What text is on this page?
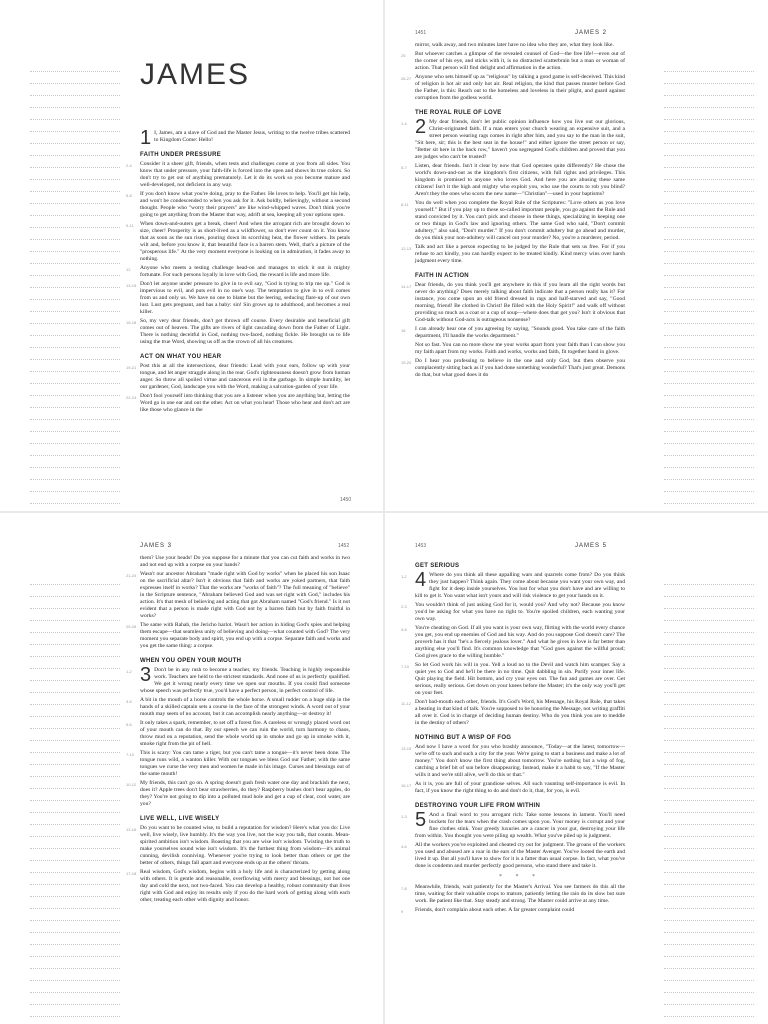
JAMES

1 I, James, am a slave of God and the Master Jesus, writing to the twelve tribes scattered to Kingdom Come: Hello!

FAITH UNDER PRESSURE

2-4 Consider it a sheer gift, friends, when tests and challenges come at you from all sides. You know that under pressure, your faith-life is forced into the open and shows its true colors. So don't try to get out of anything prematurely. Let it do its work so you become mature and well-developed, not deficient in any way.

5-8 If you don't know what you're doing, pray to the Father. He loves to help. You'll get his help, and won't be condescended to when you ask for it. Ask boldly, believingly, without a second thought. People who "worry their prayers" are like wind-whipped waves. Don't think you're going to get anything from the Master that way, adrift at sea, keeping all your options open.

9-11 When down-and-outers get a break, cheer! And when the arrogant rich are brought down to size, cheer! Prosperity is as short-lived as a wildflower, so don't ever count on it. You know that as soon as the sun rises, pouring down its scorching heat, the flower withers. Its petals wilt and, before you know it, that beautiful face is a barren stem. Well, that's a picture of the "prosperous life." At the very moment everyone is looking on in admiration, it fades away to nothing.

12 Anyone who meets a testing challenge head-on and manages to stick it out is mighty fortunate. For such persons loyally in love with God, the reward is life and more life.

13-15 Don't let anyone under pressure to give in to evil say, "God is trying to trip me up." God is impervious to evil, and puts evil in no one's way. The temptation to give in to evil comes from us and only us. We have no one to blame but the leering, seducing flare-up of our own lust. Lust gets pregnant, and has a baby: sin! Sin grows up to adulthood, and becomes a real killer.

16-18 So, my very dear friends, don't get thrown off course. Every desirable and beneficial gift comes out of heaven. The gifts are rivers of light cascading down from the Father of Light. There is nothing deceitful in God, nothing two-faced, nothing fickle. He brought us to life using the true Word, showing us off as the crown of all his creatures.

ACT ON WHAT YOU HEAR

19-21 Post this at all the intersections, dear friends: Lead with your ears, follow up with your tongue, and let anger straggle along in the rear. God's righteousness doesn't grow from human anger. So throw all spoiled virtue and cancerous evil in the garbage. In simple humility, let our gardener, God, landscape you with the Word, making a salvation-garden of your life.

22-24 Don't fool yourself into thinking that you are a listener when you are anything but, letting the Word go in one ear and out the other. Act on what you hear! Those who hear and don't act are like those who glance in the

1450
1451	JAMES 2

mirror, walk away, and two minutes later have no idea who they are, what they look like.

25 But whoever catches a glimpse of the revealed counsel of God—the free life!—even out of the corner of his eye, and sticks with it, is no distracted scatterbrain but a man or woman of action. That person will find delight and affirmation in the action.

26-27 Anyone who sets himself up as "religious" by talking a good game is self-deceived. This kind of religion is hot air and only hot air. Real religion, the kind that passes muster before God the Father, is this: Reach out to the homeless and loveless in their plight, and guard against corruption from the godless world.

THE ROYAL RULE OF LOVE

1-4 2 My dear friends, don't let public opinion influence how you live out our glorious, Christ-originated faith. If a man enters your church wearing an expensive suit, and a street person wearing rags comes in right after him, and you say to the man in the suit, "Sit here, sir; this is the best seat in the house!" and either ignore the street person or say, "Better sit here in the back row," haven't you segregated God's children and proved that you are judges who can't be trusted?

5-7 Listen, dear friends. Isn't it clear by now that God operates quite differently? He chose the world's down-and-out as the kingdom's first citizens, with full rights and privileges. This kingdom is promised to anyone who loves God. And here you are abusing these same citizens! Isn't it the high and mighty who exploit you, who use the courts to rob you blind? Aren't they the ones who scorn the new name—"Christian"—used in your baptisms?

8-11 You do well when you complete the Royal Rule of the Scriptures: "Love others as you love yourself." But if you play up to these so-called important people, you go against the Rule and stand convicted by it. You can't pick and choose in these things, specializing in keeping one or two things in God's law and ignoring others. The same God who said, "Don't commit adultery," also said, "Don't murder." If you don't commit adultery but go ahead and murder, do you think your non-adultery will cancel out your murder? No, you're a murderer, period.

12-13 Talk and act like a person expecting to be judged by the Rule that sets us free. For if you refuse to act kindly, you can hardly expect to be treated kindly. Kind mercy wins over harsh judgment every time.

FAITH IN ACTION

14-17 Dear friends, do you think you'll get anywhere in this if you learn all the right words but never do anything? Does merely talking about faith indicate that a person really has it? For instance, you come upon an old friend dressed in rags and half-starved and say, "Good morning, friend! Be clothed in Christ! Be filled with the Holy Spirit!" and walk off without providing so much as a coat or a cup of soup—where does that get you? Isn't it obvious that God-talk without God-acts is outrageous nonsense?

18 I can already hear one of you agreeing by saying, "Sounds good. You take care of the faith department, I'll handle the works department."

Not so fast. You can no more show me your works apart from your faith than I can show you my faith apart from my works. Faith and works, works and faith, fit together hand in glove.

19-20 Do I hear you professing to believe in the one and only God, but then observe you complacently sitting back as if you had done something wonderful? That's just great. Demons do that, but what good does it do

JAMES 3	1452

them? Use your heads! Do you suppose for a minute that you can cut faith and works in two and not end up with a corpse on your hands?

21-24 Wasn't our ancestor Abraham "made right with God by works" when he placed his son Isaac on the sacrificial altar? Isn't it obvious that faith and works are yoked partners, that faith expresses itself in works? That the works are "works of faith"? The full meaning of "believe" in the Scripture sentence, "Abraham believed God and was set right with God," includes his action. It's that mesh of believing and acting that got Abraham named "God's friend." Is it not evident that a person is made right with God not by a barren faith but by faith fruitful in works?

25-26 The same with Rahab, the Jericho harlot. Wasn't her action in hiding God's spies and helping them escape—that seamless unity of believing and doing—what counted with God? The very moment you separate body and spirit, you end up with a corpse. Separate faith and works and you get the same thing: a corpse.

WHEN YOU OPEN YOUR MOUTH

1-2 3 Don't be in any rush to become a teacher, my friends. Teaching is highly responsible work. Teachers are held to the strictest standards. And none of us is perfectly qualified. We get it wrong nearly every time we open our mouths. If you could find someone whose speech was perfectly true, you'd have a perfect person, in perfect control of life.

3-5 A bit in the mouth of a horse controls the whole horse. A small rudder on a huge ship in the hands of a skilled captain sets a course in the face of the strongest winds. A word out of your mouth may seem of no account, but it can accomplish nearly anything—or destroy it!

5-6 It only takes a spark, remember, to set off a forest fire. A careless or wrongly placed word out of your mouth can do that. By our speech we can ruin the world, turn harmony to chaos, throw mud on a reputation, send the whole world up in smoke and go up in smoke with it, smoke right from the pit of hell.

7-10 This is scary: You can tame a tiger, but you can't tame a tongue—it's never been done. The tongue runs wild, a wanton killer. With our tongues we bless God our Father; with the same tongues we curse the very men and women he made in his image. Curses and blessings out of the same mouth!

10-12 My friends, this can't go on. A spring doesn't gush fresh water one day and brackish the next, does it? Apple trees don't bear strawberries, do they? Raspberry bushes don't bear apples, do they? You're not going to dip into a polluted mud hole and get a cup of clear, cool water, are you?

LIVE WELL, LIVE WISELY

13-16 Do you want to be counted wise, to build a reputation for wisdom? Here's what you do: Live well, live wisely, live humbly. It's the way you live, not the way you talk, that counts. Mean-spirited ambition isn't wisdom. Boasting that you are wise isn't wisdom. Twisting the truth to make yourselves sound wise isn't wisdom. It's the furthest thing from wisdom—it's animal cunning, devilish conniving. Whenever you're trying to look better than others or get the better of others, things fall apart and everyone ends up at the others' throats.

17-18 Real wisdom, God's wisdom, begins with a holy life and is characterized by getting along with others. It is gentle and reasonable, overflowing with mercy and blessings, not hot one day and cold the next, not two-faced. You can develop a healthy, robust community that lives right with God and enjoy its results only if you do the hard work of getting along with each other, treating each other with dignity and honor.

1453	JAMES 5
GET SERIOUS

1-2 4 Where do you think all these appalling wars and quarrels come from? Do you think they just happen? Think again. They come about because you want your own way, and fight for it deep inside yourselves. You lust for what you don't have and are willing to kill to get it. You want what isn't yours and will risk violence to get your hands on it.

2-3 You wouldn't think of just asking God for it, would you? And why not? Because you know you'd be asking for what you have no right to. You're spoiled children, each wanting your own way.

4-6 You're cheating on God. If all you want is your own way, flirting with the world every chance you get, you end up enemies of God and his way. And do you suppose God doesn't care? The proverb has it that "he's a fiercely jealous lover." And what he gives in love is far better than anything else you'll find. It's common knowledge that "God goes against the willful proud; God gives grace to the willing humble."

7-10 So let God work his will in you. Yell a loud no to the Devil and watch him scamper. Say a quiet yes to God and he'll be there in no time. Quit dabbling in sin. Purify your inner life. Quit playing the field. Hit bottom, and cry your eyes out. The fun and games are over. Get serious, really serious. Get down on your knees before the Master; it's the only way you'll get on your feet.

11-12 Don't bad-mouth each other, friends. It's God's Word, his Message, his Royal Rule, that takes a beating in that kind of talk. You're supposed to be honoring the Message, not writing graffiti all over it. God is in charge of deciding human destiny. Who do you think you are to meddle in the destiny of others?

NOTHING BUT A WISP OF FOG

13-15 And now I have a word for you who brashly announce, "Today—at the latest, tomorrow—we're off to such and such a city for the year. We're going to start a business and make a lot of money." You don't know the first thing about tomorrow. You're nothing but a wisp of fog, catching a brief bit of sun before disappearing. Instead, make it a habit to say, "If the Master wills it and we're still alive, we'll do this or that."

16-17 As it is, you are full of your grandiose selves. All such vaunting self-importance is evil. In fact, if you know the right thing to do and don't do it, that, for you, is evil.

DESTROYING YOUR LIFE FROM WITHIN

1-3 5 And a final word to you arrogant rich: Take some lessons in lament. You'll need buckets for the tears when the crash comes upon you. Your money is corrupt and your fine clothes stink. Your greedy luxuries are a cancer in your gut, destroying your life from within. You thought you were piling up wealth. What you've piled up is judgment.

4-6 All the workers you've exploited and cheated cry out for judgment. The groans of the workers you used and abused are a roar in the ears of the Master Avenger. You've looted the earth and lived it up. But all you'll have to show for it is a fatter than usual corpse. In fact, what you've done is condemn and murder perfectly good persons, who stand there and take it.

* * *

7-8 Meanwhile, friends, wait patiently for the Master's Arrival. You see farmers do this all the time, waiting for their valuable crops to mature, patiently letting the rain do its slow but sure work. Be patient like that. Stay steady and strong. The Master could arrive at any time.

9 Friends, don't complain about each other. A far greater complaint could
